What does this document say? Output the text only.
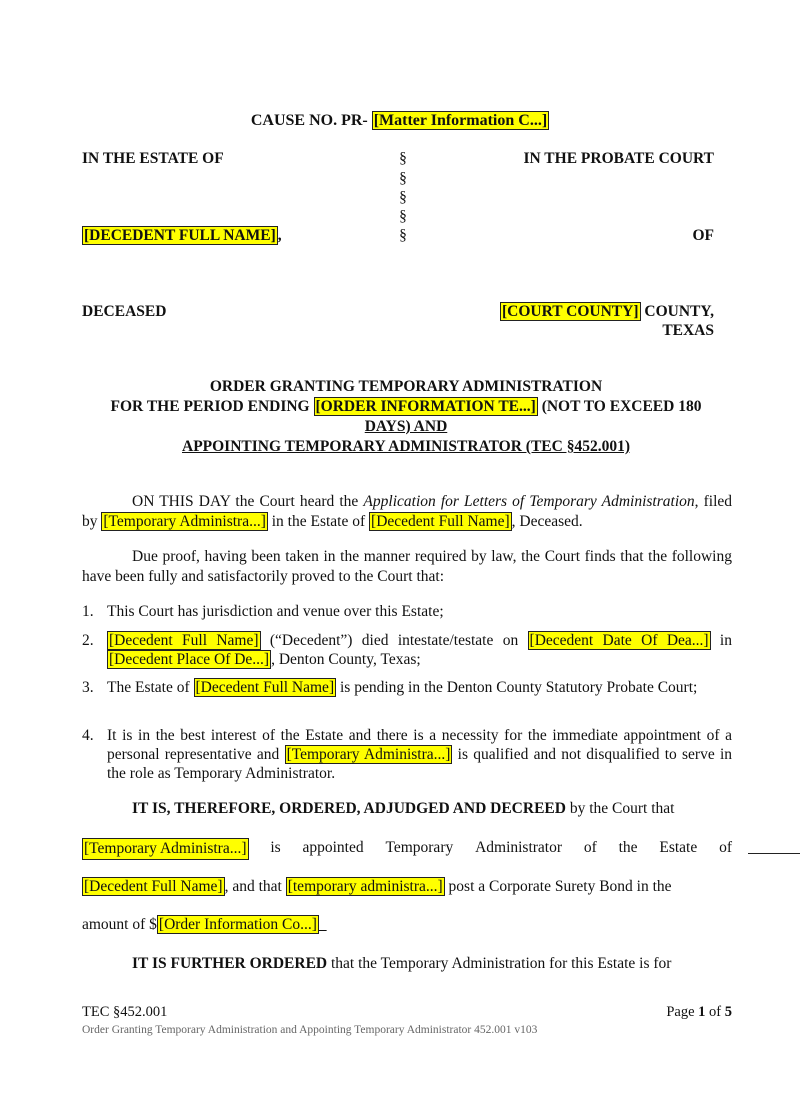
CAUSE NO. PR- [Matter Information C...]
IN THE ESTATE OF
[DECEDENT FULL NAME] ,
DECEASED
§
§
§
§
§
IN THE PROBATE COURT
OF
[COURT COUNTY] COUNTY,
TEXAS
ORDER GRANTING TEMPORARY ADMINISTRATION
FOR THE PERIOD ENDING [ORDER INFORMATION TE...] (NOT TO EXCEED 180
DAYS) AND
APPOINTING TEMPORARY ADMINISTRATOR (TEC §452.001)
ON THIS DAY the Court heard the Application for Letters of Temporary Administration, filed by [Temporary Administra...] in the Estate of [Decedent Full Name] , Deceased.
Due proof, having been taken in the manner required by law, the Court finds that the following have been fully and satisfactorily proved to the Court that:
1. This Court has jurisdiction and venue over this Estate;
2. [Decedent Full Name] (“Decedent”) died intestate/testate on [Decedent Date Of Dea...] in [Decedent Place Of De...] , Denton County, Texas;
3. The Estate of [Decedent Full Name] is pending in the Denton County Statutory Probate Court;
4. It is in the best interest of the Estate and there is a necessity for the immediate appointment of a personal representative and [Temporary Administra...] is qualified and not disqualified to serve in the role as Temporary Administrator.
IT IS, THEREFORE, ORDERED, ADJUDGED AND DECREED by the Court that
[Temporary Administra...] is appointed Temporary Administrator of the Estate of
[Decedent Full Name] , and that [temporary administra...] post a Corporate Surety Bond in the
amount of $ [Order Information Co...]
IT IS FURTHER ORDERED that the Temporary Administration for this Estate is for
TEC §452.001	Page 1 of 5
Order Granting Temporary Administration and Appointing Temporary Administrator 452.001 v103
